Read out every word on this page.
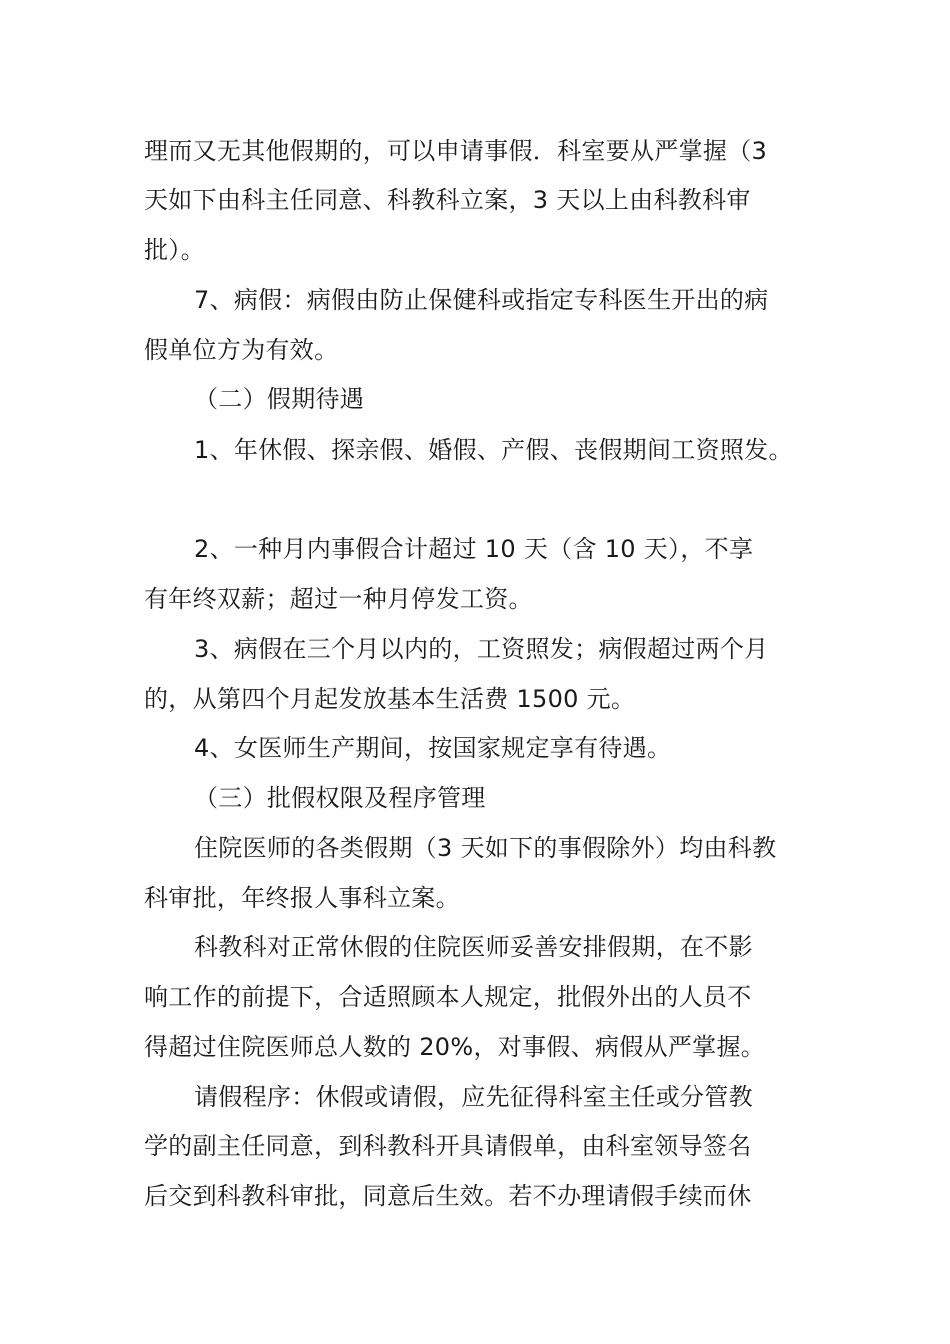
理而又无其他假期的，可以申请事假．科室要从严掌握（3
天如下由科主任同意、科教科立案，3 天以上由科教科审
批）。
7、病假：病假由防止保健科或指定专科医生开出的病
假单位方为有效。
（二）假期待遇
1、年休假、探亲假、婚假、产假、丧假期间工资照发。
2、一种月内事假合计超过 10 天（含 10 天），不享
有年终双薪；超过一种月停发工资。
3、病假在三个月以内的，工资照发；病假超过两个月
的，从第四个月起发放基本生活费 1500 元。
4、女医师生产期间，按国家规定享有待遇。
（三）批假权限及程序管理
住院医师的各类假期（3 天如下的事假除外）均由科教
科审批，年终报人事科立案。
科教科对正常休假的住院医师妥善安排假期，在不影
响工作的前提下，合适照顾本人规定，批假外出的人员不
得超过住院医师总人数的 20%，对事假、病假从严掌握。
请假程序：休假或请假，应先征得科室主任或分管教
学的副主任同意，到科教科开具请假单，由科室领导签名
后交到科教科审批，同意后生效。若不办理请假手续而休
